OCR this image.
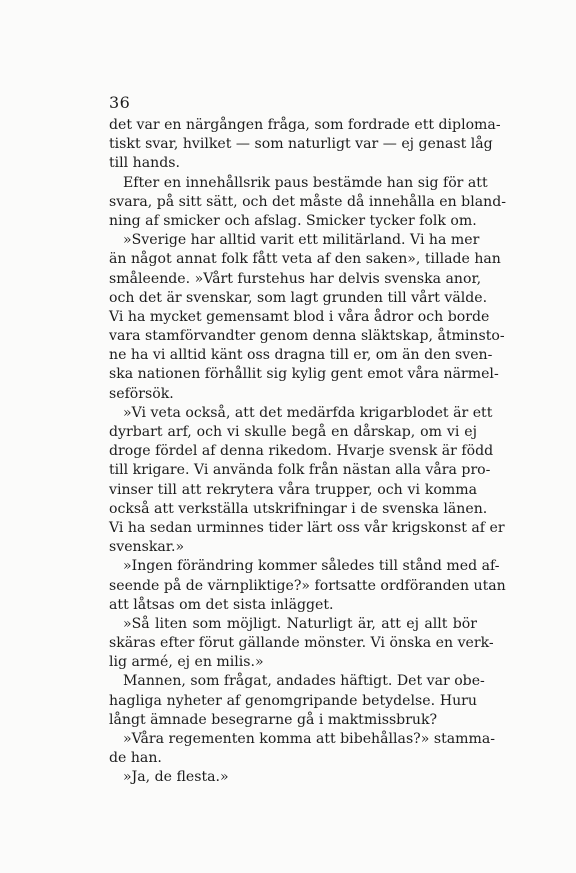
36
det var en närgången fråga, som fordrade ett diploma-
tiskt svar, hvilket — som naturligt var — ej genast låg
till hands.
Efter en innehållsrik paus bestämde han sig för att
svara, på sitt sätt, och det måste då innehålla en bland-
ning af smicker och afslag. Smicker tycker folk om.
»Sverige har alltid varit ett militärland. Vi ha mer
än något annat folk fått veta af den saken», tillade han
småleende. »Vårt furstehus har delvis svenska anor,
och det är svenskar, som lagt grunden till vårt välde.
Vi ha mycket gemensamt blod i våra ådror och borde
vara stamförvandter genom denna släktskap, åtminsto-
ne ha vi alltid känt oss dragna till er, om än den sven-
ska nationen förhållit sig kylig gent emot våra närmel-
seförsök.
»Vi veta också, att det medärfda krigarblodet är ett
dyrbart arf, och vi skulle begå en dårskap, om vi ej
droge fördel af denna rikedom. Hvarje svensk är född
till krigare. Vi använda folk från nästan alla våra pro-
vinser till att rekrytera våra trupper, och vi komma
också att verkställa utskrifningar i de svenska länen.
Vi ha sedan urminnes tider lärt oss vår krigskonst af er
svenskar.»
»Ingen förändring kommer således till stånd med af-
seende på de värnpliktige?» fortsatte ordföranden utan
att låtsas om det sista inlägget.
»Så liten som möjligt. Naturligt är, att ej allt bör
skäras efter förut gällande mönster. Vi önska en verk-
lig armé, ej en milis.»
Mannen, som frågat, andades häftigt. Det var obe-
hagliga nyheter af genomgripande betydelse. Huru
långt ämnade besegrarne gå i maktmissbruk?
»Våra regementen komma att bibehållas?» stamma-
de han.
»Ja, de flesta.»
